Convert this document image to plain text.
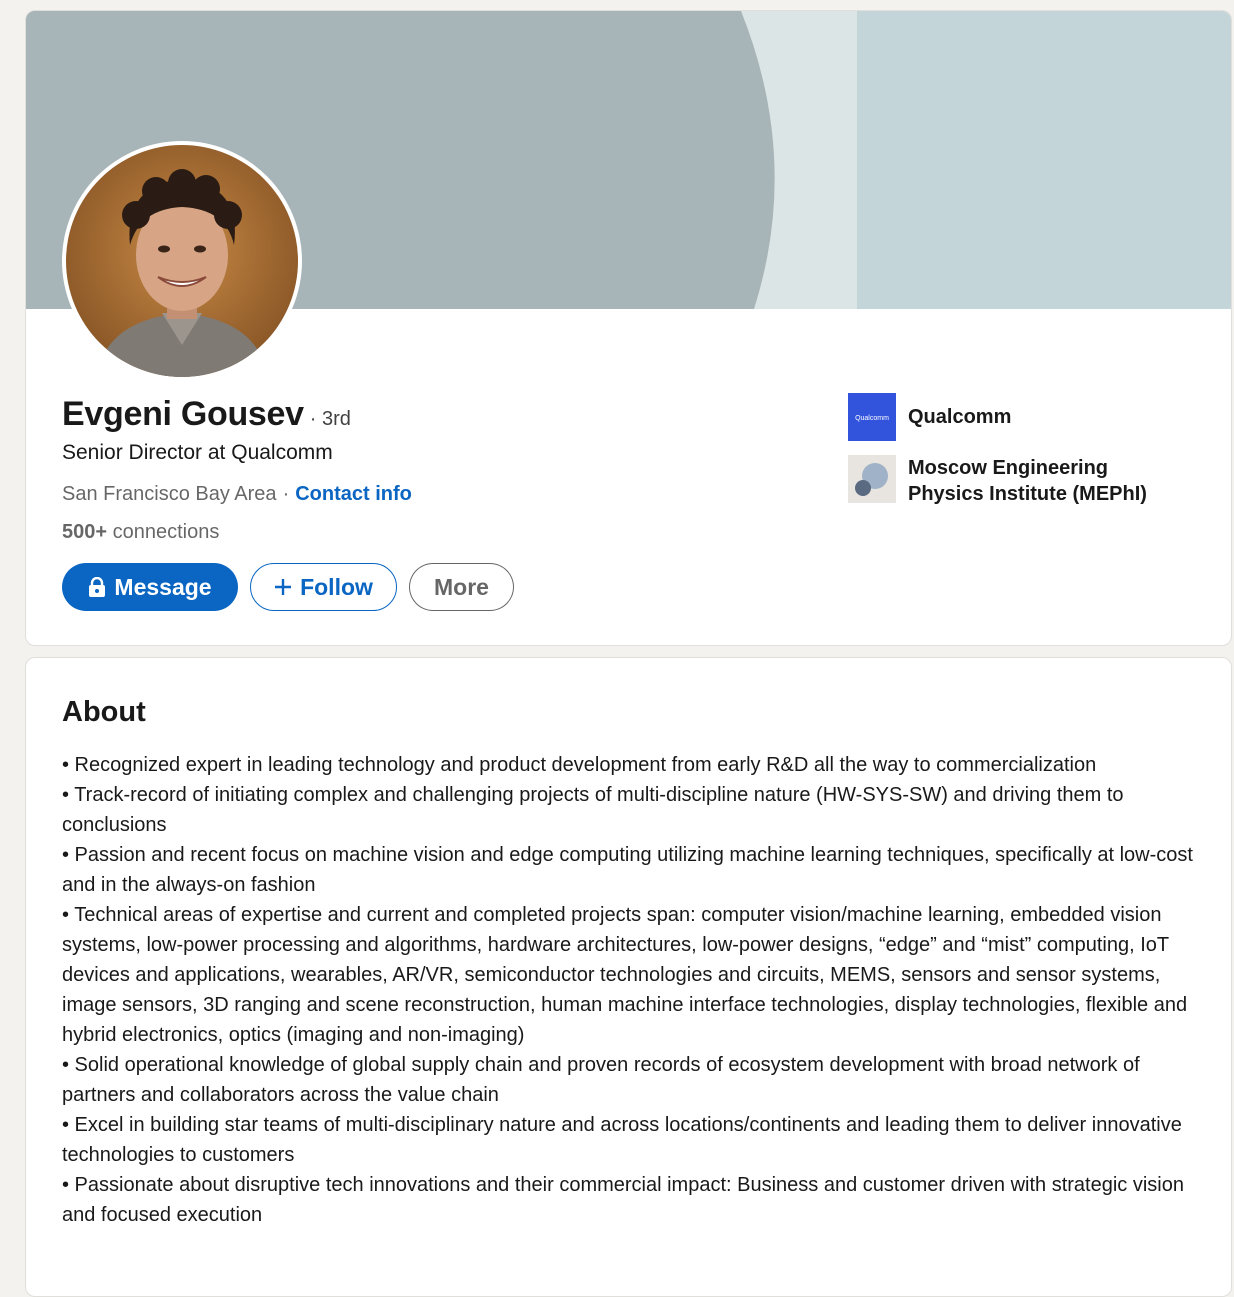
Evgeni Gousev · 3rd
Senior Director at Qualcomm
San Francisco Bay Area · Contact info
500+ connections
Message	Follow	More
Qualcomm Qualcomm
Moscow Engineering Physics Institute (MEPhI)
About

• Recognized expert in leading technology and product development from early R&D all the way to commercialization

• Track-record of initiating complex and challenging projects of multi-discipline nature (HW-SYS-SW) and driving them to conclusions

• Passion and recent focus on machine vision and edge computing utilizing machine learning techniques, specifically at low-cost and in the always-on fashion

• Technical areas of expertise and current and completed projects span: computer vision/machine learning, embedded vision systems, low-power processing and algorithms, hardware architectures, low-power designs, “edge” and “mist” computing, IoT devices and applications, wearables, AR/VR, semiconductor technologies and circuits, MEMS, sensors and sensor systems, image sensors, 3D ranging and scene reconstruction, human machine interface technologies, display technologies, flexible and hybrid electronics, optics (imaging and non-imaging)

• Solid operational knowledge of global supply chain and proven records of ecosystem development with broad network of partners and collaborators across the value chain

• Excel in building star teams of multi-disciplinary nature and across locations/continents and leading them to deliver innovative technologies to customers

• Passionate about disruptive tech innovations and their commercial impact: Business and customer driven with strategic vision and focused execution
